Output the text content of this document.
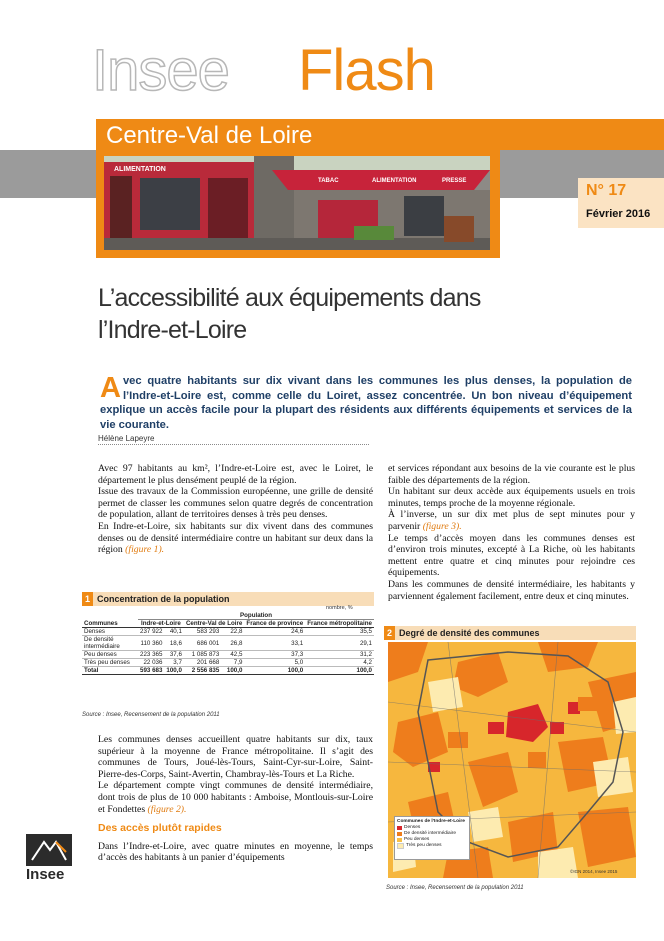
Insee Flash
Centre-Val de Loire
ALIMENTATION
TABAC	ALIMENTATION	PRESSE
N° 17
Février 2016
L’accessibilité aux équipements dans l’Indre-et-Loire
Avec quatre habitants sur dix vivant dans les communes les plus denses, la population de l’Indre-et-Loire est, comme celle du Loiret, assez concentrée. Un bon niveau d’équipement explique un accès facile pour la plupart des résidents aux différents équipements et services de la vie courante.
Hélène Lapeyre

Avec 97 habitants au km², l’Indre-et-Loire est, avec le Loiret, le département le plus densément peuplé de la région.

Issue des travaux de la Commission européenne, une grille de densité permet de classer les communes selon quatre degrés de concentration de population, allant de territoires denses à très peu denses.

En Indre-et-Loire, six habitants sur dix vivent dans des communes denses ou de densité intermédiaire contre un habitant sur deux dans la région (figure 1).

1 Concentration de la population
nombre, %
	Population					
Communes	Indre-et-Loire		Centre-Val de Loire		France de province	France métropolitaine
Denses	237 922	40,1	583 293	22,8	24,6	35,5
De densité intermédiaire	110 360	18,6	686 001	26,8	33,1	29,1
Peu denses	223 365	37,6	1 085 873	42,5	37,3	31,2
Très peu denses	22 036	3,7	201 668	7,9	5,0	4,2
Total	593 683	100,0	2 556 835	100,0	100,0	100,0
Source : Insee, Recensement de la population 2011

Les communes denses accueillent quatre habitants sur dix, taux supérieur à la moyenne de France métropolitaine. Il s’agit des communes de Tours, Joué-lès-Tours, Saint-Cyr-sur-Loire, Saint-Pierre-des-Corps, Saint-Avertin, Chambray-lès-Tours et La Riche.

Le département compte vingt communes de densité intermédiaire, dont trois de plus de 10 000 habitants : Amboise, Montlouis-sur-Loire et Fondettes (figure 2).

Des accès plutôt rapides

Dans l’Indre-et-Loire, avec quatre minutes en moyenne, le temps d’accès des habitants à un panier d’équipements

Insee

et services répondant aux besoins de la vie courante est le plus faible des départements de la région.

Un habitant sur deux accède aux équipements usuels en trois minutes, temps proche de la moyenne régionale.

À l’inverse, un sur dix met plus de sept minutes pour y parvenir (figure 3).

Le temps d’accès moyen dans les communes denses est d’environ trois minutes, excepté à La Riche, où les habitants mettent entre quatre et cinq minutes pour rejoindre ces équipements.

Dans les communes de densité intermédiaire, les habitants y parviennent également facilement, entre deux et cinq minutes.

2 Degré de densité des communes
Communes de l’Indre-et-Loire
Denses
De densité intermédiaire
Peu denses
Très peu denses
©IGN 2014, Insee 2015
Source : Insee, Recensement de la population 2011
